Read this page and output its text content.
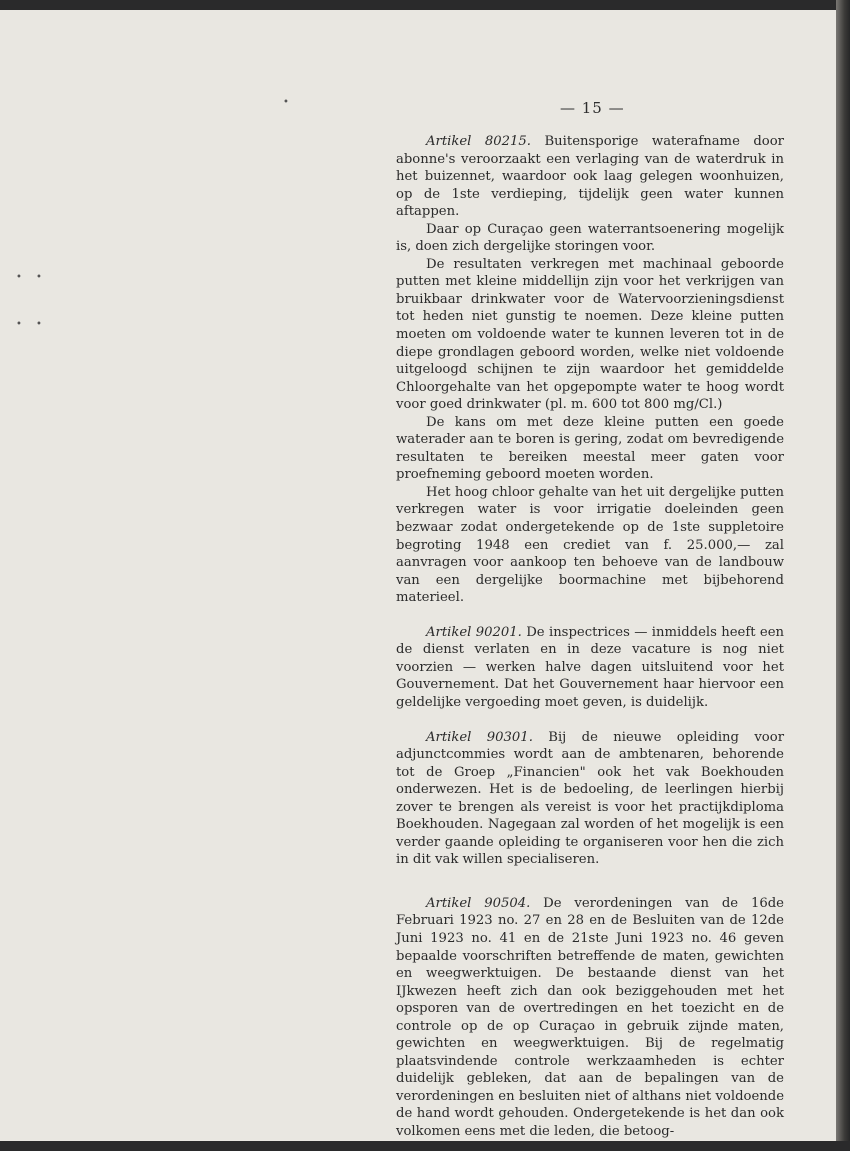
•
• •
• •
— 15 —

Artikel 80215. Buitensporige waterafname door abonne's veroorzaakt een verlaging van de waterdruk in het buizennet, waardoor ook laag gelegen woonhuizen, op de 1ste verdieping, tijdelijk geen water kunnen aftappen.

Daar op Curaçao geen waterrantsoenering mogelijk is, doen zich dergelijke storingen voor.

De resultaten verkregen met machinaal geboorde putten met kleine middellijn zijn voor het verkrijgen van bruikbaar drinkwater voor de Watervoorzieningsdienst tot heden niet gunstig te noemen. Deze kleine putten moeten om voldoende water te kunnen leveren tot in de diepe grondlagen geboord worden, welke niet voldoende uitgeloogd schijnen te zijn waardoor het gemiddelde Chloorgehalte van het opgepompte water te hoog wordt voor goed drinkwater (pl. m. 600 tot 800 mg/Cl.)

De kans om met deze kleine putten een goede waterader aan te boren is gering, zodat om bevredigende resultaten te bereiken meestal meer gaten voor proefneming geboord moeten worden.

Het hoog chloor gehalte van het uit dergelijke putten verkregen water is voor irrigatie doeleinden geen bezwaar zodat ondergetekende op de 1ste suppletoire begroting 1948 een crediet van f. 25.000,— zal aanvragen voor aankoop ten behoeve van de landbouw van een dergelijke boormachine met bijbehorend materieel.

Artikel 90201. De inspectrices — inmiddels heeft een de dienst verlaten en in deze vacature is nog niet voorzien — werken halve dagen uitsluitend voor het Gouvernement. Dat het Gouvernement haar hiervoor een geldelijke vergoeding moet geven, is duidelijk.

Artikel 90301. Bij de nieuwe opleiding voor adjunctcommies wordt aan de ambtenaren, behorende tot de Groep „Financien" ook het vak Boekhouden onderwezen. Het is de bedoeling, de leerlingen hierbij zover te brengen als vereist is voor het practijkdiploma Boekhouden. Nagegaan zal worden of het mogelijk is een verder gaande opleiding te organiseren voor hen die zich in dit vak willen specialiseren.

Artikel 90504. De verordeningen van de 16de Februari 1923 no. 27 en 28 en de Besluiten van de 12de Juni 1923 no. 41 en de 21ste Juni 1923 no. 46 geven bepaalde voorschriften betreffende de maten, gewichten en weegwerktuigen. De bestaande dienst van het IJkwezen heeft zich dan ook beziggehouden met het opsporen van de overtredingen en het toezicht en de controle op de op Curaçao in gebruik zijnde maten, gewichten en weegwerktuigen. Bij de regelmatig plaatsvindende controle werkzaamheden is echter duidelijk gebleken, dat aan de bepalingen van de verordeningen en besluiten niet of althans niet voldoende de hand wordt gehouden. Ondergetekende is het dan ook volkomen eens met die leden, die betoog-
